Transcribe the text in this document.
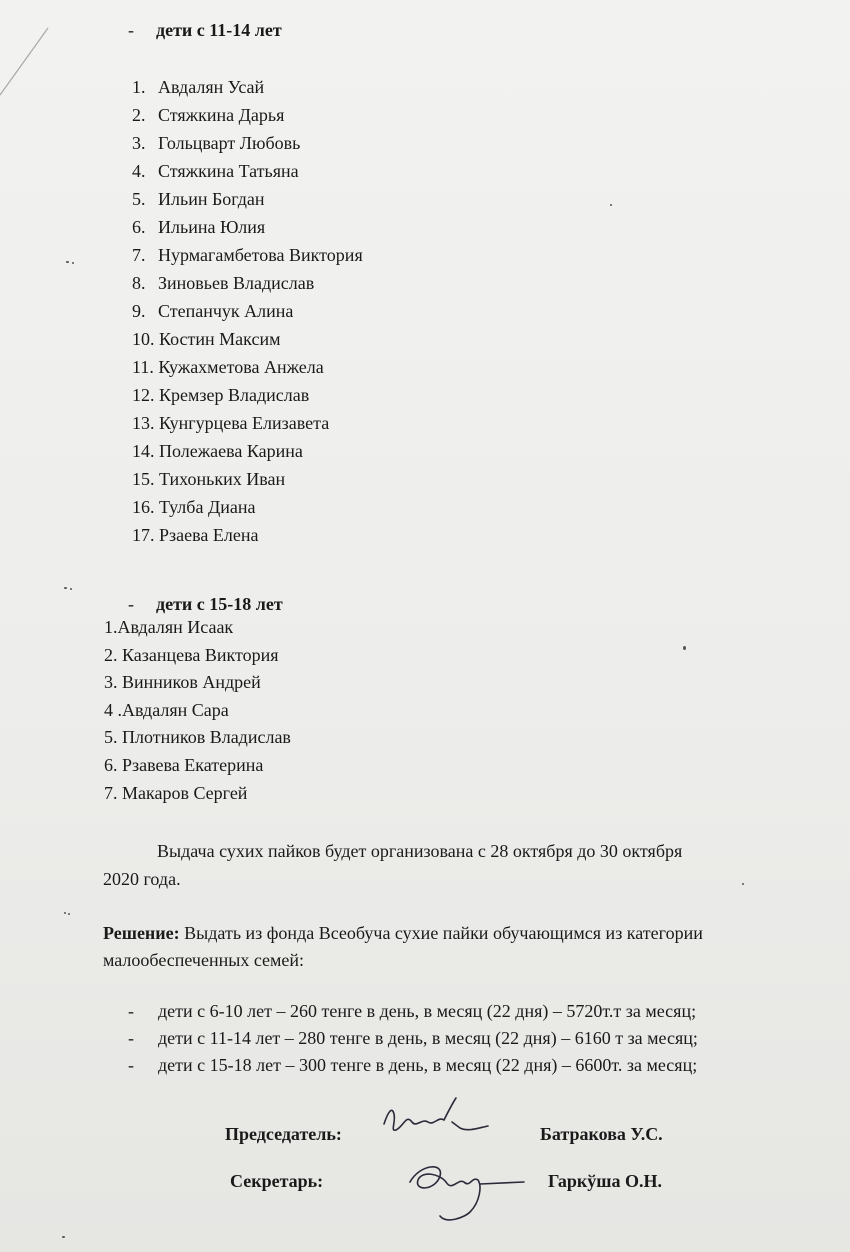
- дети с 11-14 лет
1. Авдалян Усай
2. Стяжкина Дарья
3. Гольцварт Любовь
4. Стяжкина Татьяна
5. Ильин Богдан
6. Ильина Юлия
7. Нурмагамбетова Виктория
8. Зиновьев Владислав
9. Степанчук Алина
10. Костин Максим
11. Кужахметова Анжела
12. Кремзер Владислав
13. Кунгурцева Елизавета
14. Полежаева Карина
15. Тихонькиx Иван
16. Тулба Диана
17. Рзаева Елена
- дети с 15-18 лет
1.Авдалян Исаак
2. Казанцева Виктория
3. Винников Андрей
4 .Авдалян Сара
5. Плотников Владислав
6. Рзавева Екатерина
7. Макаров Сергей
Выдача сухих пайков будет организована с 28 октября до 30 октября
2020 года.
Решение: Выдать из фонда Всеобуча сухие пайки обучающимся из категории
малообеспеченных семей:
- дети с 6-10 лет – 260 тенге в день, в месяц (22 дня) – 5720т.т за месяц;
- дети с 11-14 лет – 280 тенге в день, в месяц (22 дня) – 6160 т за месяц;
- дети с 15-18 лет – 300 тенге в день, в месяц (22 дня) – 6600т. за месяц;
Председатель:	Батракова У.С.
Секретарь:	Гаркўша О.Н.
